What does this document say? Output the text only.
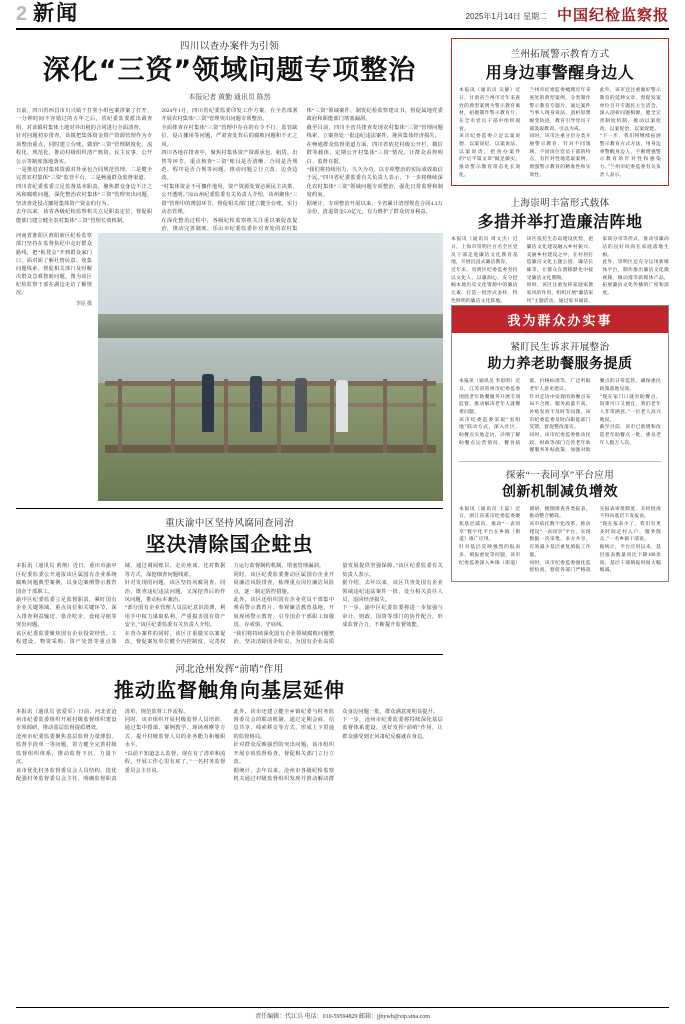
2 新闻	2025年1月14日 星期二 中国纪检监察报
四川以查办案件为引领
深化“三资”领域问题专项整治
本报记者 黄勤 通讯员 陈然
日前，四川省西昌市川兴镇干打垒小组包案涉案了打开，一分钟时间不容错过的五年之后，省纪委监委派出调查组，对该镇村集体土地对外出租的合同进行全面清查。
针对问题初步排查，该镇把集体资金资产资源管理作为专项整治重点，同时建立台账，做到“三资”管理制度化、流程化、规范化，推动村级组织清产核资、民主议事、公开公示等制度落地落实。
一是推进农村集体资源对外承包合同规范管理，二是健全完善农村集体“三资”监管平台，三是畅通群众监督渠道。
四川省纪委监委立足监督基本职责，聚焦群众身边不正之风和腐败问题，深化整治农村集体“三资”管理突出问题，坚决查处侵占挪用集体资产资金的行为。
去年以来，该省各级纪检监察机关立足职责定位，督促职能部门建立健全农村集体“三资”管理长效机制。
2024年1月，四川省纪委监委印发工作方案，在全省部署开展农村集体“三资”管理突出问题专项整治。
全面排查在村集体“三资”管理中存在的有令不行、监管缺位、侵占挪用等问题，严肃查处背后的腐败问题和不正之风。
四川各地在排查中，聚焦村集体资产资源承包、租赁、出售等环节，重点核查“三资”账目是否清晰、合同是否规范、程序是否合规等问题，推动问题立行立改、边查边改。
“村集体资金不可挪作他用，资产资源处置必须民主决策、公开透明。”凉山州纪委监委有关负责人介绍，该州聚焦“三资”管理中的薄弱环节，督促相关部门建立健全台账，实行动态管理。
在深化整治过程中，各级纪检监察机关注重以案促改促治，推动完善制度。乐山市纪委监委针对查处的农村集体“三资”领域案件，制发纪检监察建议书，督促属地党委政府和职能部门堵塞漏洞。
截至目前，四川全省共排查发现农村集体“三资”管理问题线索，立案查处一批违纪违法案件，挽回集体经济损失。
在畅通群众监督渠道方面，四川省依托村级公开栏、微信群等载体，定期公开村集体“三资”情况，让群众看得明白、监督有据。
“我们将持续用力、久久为功，以专项整治的实际成效取信于民。”四川省纪委监委有关负责人表示，下一步将继续深化农村集体“三资”领域问题专项整治，强化日常监督和制度约束。
据统计，专项整治开展以来，全省累计清理规范合同4.3万余份，清退资金5.6亿元，有力维护了群众切身利益。
河南省淮阳区淮阳新区纪检监察部门坚持在监督执纪中走好群众路线，把“板凳会”开到群众家门口，面对面了解社情民意、收集问题线索，督促相关部门及时解决群众急难愁盼问题。图为该区纪检监察干部在湖边走访了解情况。
李昆 摄
重庆渝中区坚持风腐同查同治
坚决清除国企蛀虫
本报讯（通讯员 黄翔）近日，重庆市渝中区纪委监委公开通报该区属国有企业系统腐败问题典型案例，以身边案例警示教育国企干部职工。
渝中区纪委监委立足监督职责，紧盯国有企业关键领域、重点岗位和关键环节，深入排查利益输送、靠企吃企、设租寻租等突出问题。
该区纪委监委聚焦国有企业投资经营、工程建设、物资采购、资产处置等重点领域，通过调阅账目、走访座谈、比对数据等方式，深挖细查问题线索。
针对发现的问题，该区坚持风腐同查、同治，既查违纪违法问题，又深挖背后的作风问题，推动标本兼治。
“部分国有企业管理人员法纪意识淡薄，利用手中权力谋取私利，严重损害国有资产安全。”该区纪委监委有关负责人介绍。
在查办案件的同时，该区注重做实以案促改，督促案发单位健全内控制度，完善权力运行监督制约机制，堵塞管理漏洞。
同时，该区纪委监委推动区属国有企业开展廉洁风险排查，梳理重点岗位廉洁风险点，逐一制定防控措施。
此外，该区还组织国有企业党员干部集中观看警示教育片、参观廉洁教育基地，开展现场警示教育，引导国企干部职工知敬畏、存戒惧、守底线。
“我们将持续深化国有企业领域腐败问题整治，坚决清除国企蛀虫，为国有企业高质量发展提供坚强保障。”该区纪委监委有关负责人表示。
据介绍，去年以来，该区共查处国有企业领域违纪违法案件一批，处分相关责任人员，追回经济损失。
下一步，渝中区纪委监委将进一步加强与审计、财政、国资等部门的协作配合，形成监督合力，不断提升监督效能。
河北沧州发挥“前哨”作用
推动监督触角向基层延伸
本报讯（通讯员 张爱军）日前，河北省沧州市纪委监委组织开展村级监督组织建设专项调研，推动基层监督提质增效。
沧州市纪委监委聚焦基层监督力量薄弱、监督手段单一等问题，着力健全完善村级监督组织体系，推动监督下沉、力量下沉。
该市优化村务监督委员会人员结构，选优配强村务监督委员会主任，明确监督职责清单，规范监督工作流程。
同时，该市组织开展村级监督人员培训，通过集中授课、案例教学、现场观摩等方式，提升村级监督人员的业务能力和履职水平。
“以前不知道怎么监督，现在有了清单和流程，开展工作心里有底了。”一名村务监督委员会主任说。
此外，该市还建立健全乡镇纪委与村务监督委员会的联动机制，通过定期会商、信息共享、线索移交等方式，形成上下贯通的监督格局。
针对群众反映强烈的突出问题，该市组织开展专项监督检查，督促相关部门立行立改。
据统计，去年以来，沧州市各级纪检监察机关通过村级监督组织发现并推动解决群众身边问题一批，群众满意度明显提升。
下一步，沧州市纪委监委将持续深化基层监督体系建设，更好发挥“前哨”作用，让群众感受到正风肃纪反腐就在身边。
兰州拓展警示教育方式
用身边事警醒身边人
本报讯（通讯员 吴静）近日，甘肃省兰州市近年来查处的典型案例为警示教育素材，拍摄制作警示教育片，在全市党员干部中组织观看。
该市纪委监委立足以案说德、以案说纪、以案说法、以案说责，把查办案件的“后半篇文章”做足做实，推动警示教育常态化长效化。
兰州市纪委监委梳理近年来查处的典型案例，分类制作警示教育专题片，通过案件当事人现身说法，剖析思想蜕变轨迹，教育引导党员干部汲取教训、引以为戒。
同时，该市注重分层分类开展警示教育，针对不同领域、不同岗位党员干部的特点，有针对性地选取案例，增强警示教育的精准性和实效性。
此外，该市还注重做好警示教育的延伸文章，督促发案单位召开专题民主生活会，深入剖析问题根源，健全完善制度机制，推动以案促改、以案促治、以案促建。
“下一步，我们将继续拓展警示教育方式方法，用身边事警醒身边人，不断增强警示教育的针对性和感染力。”兰州市纪委监委有关负责人表示。
上海崇明丰富形式载体
多措并举打造廉洁阵地
本报讯（通讯员 周文杰）近日，上海市崇明区百名全区党员干部走进廉洁文化教育基地，开展沉浸式廉洁教育。
近年来，崇明区纪委监委坚持以文化人、以廉润心，充分挖掘本地历史文化资源中的廉洁元素，打造一批形式多样、特色鲜明的廉洁文化阵地。
该区依托生态岛建设优势，把廉洁文化建设融入乡村振兴、美丽乡村建设之中，在村居打造廉洁文化主题公园、廉洁长廊等，让群众在潜移默化中接受廉洁文化熏陶。
同时，该区注重发挥家庭家教家风的作用，组织开展“廉洁家风”主题活动，通过家书诵读、家训分享等形式，推动崇廉尚洁的良好风尚在家庭落地生根。
此外，崇明区还充分运用新媒体平台，制作推出廉洁文化微视频、微动漫等新媒体产品，拓展廉洁文化传播的广度和深度。
我为群众办实事
紧盯民生诉求开展整治
助力养老助餐服务提质
本报讯（通讯员 李思明）近日，江苏省常州市纪委监委围绕老年助餐服务开展专项监督，推动解决老年人就餐难问题。
该市纪委监委采取“室组地”联动方式，深入社区、助餐点实地走访，详细了解助餐点运营情况、餐食质量、价格标准等，广泛听取老年人意见建议。
针对走访中发现的助餐点布局不合理、服务质量不高、补贴发放不及时等问题，该市纪委监委及时向职能部门反馈，督促整改落实。
同时，该市纪委监委推动民政、财政等部门完善老年助餐服务补贴政策，加强对助餐点的日常监管，确保惠民政策落地见效。
“现在家门口就有助餐点，饭菜可口又便宜，我们老年人非常满意。”一位老人高兴地说。
截至目前，该市已新增和改造老年助餐点一批，惠及老年人数万人次。
探索“一表同享”平台应用
创新机制减负增效
本报讯（通讯员 王磊）近日，浙江省某市纪委监委聚焦基层减负，推动“一表同享”数字化平台在乡镇（街道）推广应用。
针对基层反映强烈的报表多、填报重复等问题，该市纪委监委深入乡镇（街道）调研，梳理排查各类报表，推动整合精简。
该市依托数字化改革，推动建设“一表同享”平台，实现数据一次采集、多方共享，有效减少基层重复填报工作量。
同时，该市纪委监委强化监督检查，督促各部门严格落实报表审批制度，未经批准不得向基层下发报表。
“现在报表少了，我们有更多时间走村入户、服务群众。”一名乡镇干部说。
据统计，平台应用以来，基层报表数量同比下降100余项，基层干部填报时间大幅缩减。
责任编辑：代江兵 电话：010-59594829 邮箱：jjbywb@vip.sina.com
